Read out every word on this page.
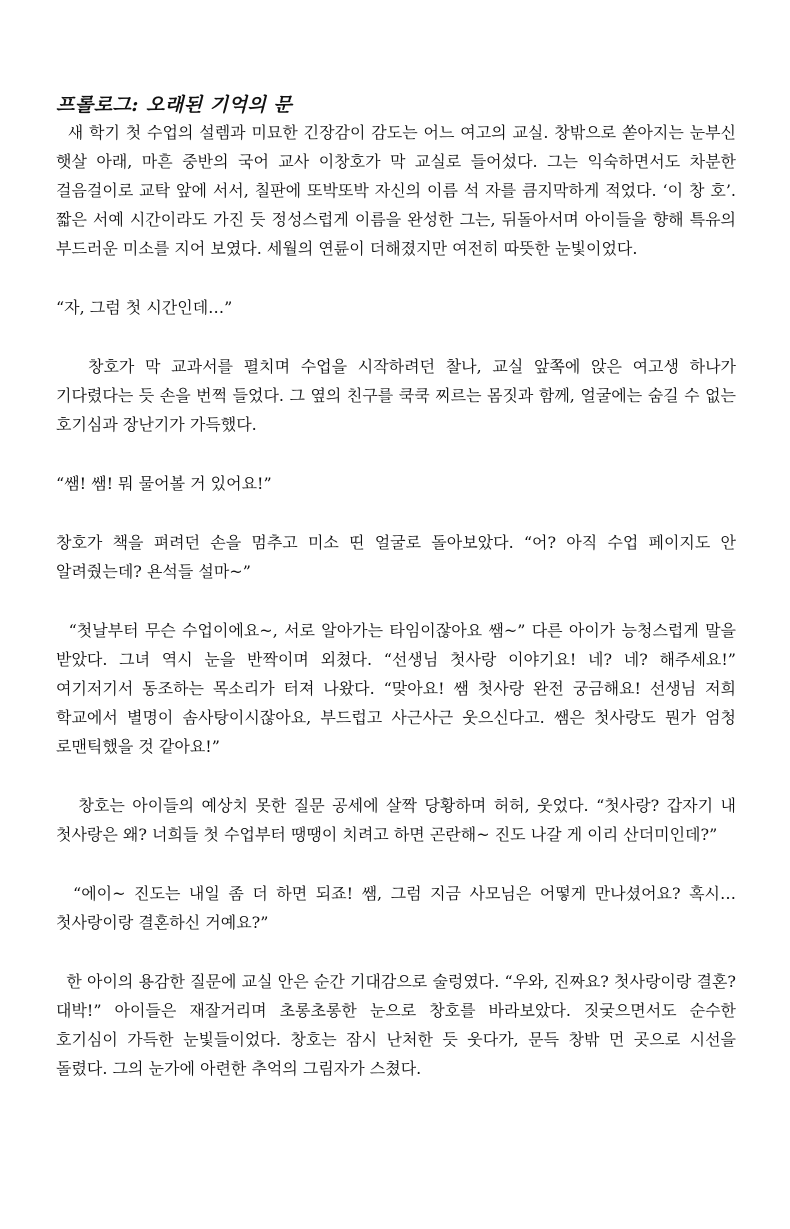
프롤로그: 오래된 기억의 문

새 학기 첫 수업의 설렘과 미묘한 긴장감이 감도는 어느 여고의 교실. 창밖으로 쏟아지는 눈부신 햇살 아래, 마흔 중반의 국어 교사 이창호가 막 교실로 들어섰다. 그는 익숙하면서도 차분한 걸음걸이로 교탁 앞에 서서, 칠판에 또박또박 자신의 이름 석 자를 큼지막하게 적었다. ‘이 창 호’. 짧은 서예 시간이라도 가진 듯 정성스럽게 이름을 완성한 그는, 뒤돌아서며 아이들을 향해 특유의 부드러운 미소를 지어 보였다. 세월의 연륜이 더해졌지만 여전히 따뜻한 눈빛이었다.

“자, 그럼 첫 시간인데…”

창호가 막 교과서를 펼치며 수업을 시작하려던 찰나, 교실 앞쪽에 앉은 여고생 하나가 기다렸다는 듯 손을 번쩍 들었다. 그 옆의 친구를 쿡쿡 찌르는 몸짓과 함께, 얼굴에는 숨길 수 없는 호기심과 장난기가 가득했다.

“쌤! 쌤! 뭐 물어볼 거 있어요!”

창호가 책을 펴려던 손을 멈추고 미소 띤 얼굴로 돌아보았다. “어? 아직 수업 페이지도 안 알려줬는데? 욘석들 설마~”

“첫날부터 무슨 수업이에요~, 서로 알아가는 타임이잖아요 쌤~” 다른 아이가 능청스럽게 말을 받았다. 그녀 역시 눈을 반짝이며 외쳤다. “선생님 첫사랑 이야기요! 네? 네? 해주세요!” 여기저기서 동조하는 목소리가 터져 나왔다. “맞아요! 쌤 첫사랑 완전 궁금해요! 선생님 저희 학교에서 별명이 솜사탕이시잖아요, 부드럽고 사근사근 웃으신다고. 쌤은 첫사랑도 뭔가 엄청 로맨틱했을 것 같아요!”

창호는 아이들의 예상치 못한 질문 공세에 살짝 당황하며 허허, 웃었다. “첫사랑? 갑자기 내 첫사랑은 왜? 너희들 첫 수업부터 땡땡이 치려고 하면 곤란해~ 진도 나갈 게 이리 산더미인데?”

“에이~ 진도는 내일 좀 더 하면 되죠! 쌤, 그럼 지금 사모님은 어떻게 만나셨어요? 혹시… 첫사랑이랑 결혼하신 거예요?”

한 아이의 용감한 질문에 교실 안은 순간 기대감으로 술렁였다. “우와, 진짜요? 첫사랑이랑 결혼? 대박!” 아이들은 재잘거리며 초롱초롱한 눈으로 창호를 바라보았다. 짓궂으면서도 순수한 호기심이 가득한 눈빛들이었다. 창호는 잠시 난처한 듯 웃다가, 문득 창밖 먼 곳으로 시선을 돌렸다. 그의 눈가에 아련한 추억의 그림자가 스쳤다.
